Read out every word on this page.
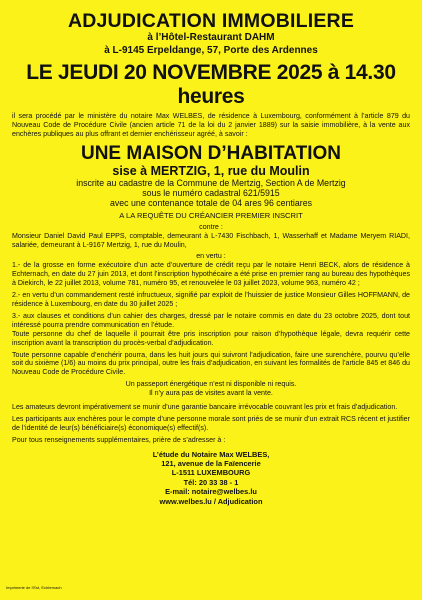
ADJUDICATION IMMOBILIERE
à l’Hôtel-Restaurant DAHM
à L-9145 Erpeldange, 57, Porte des Ardennes
LE JEUDI 20 NOVEMBRE 2025 à 14.30 heures

il sera procédé par le ministère du notaire Max WELBES, de résidence à Luxembourg, conformément à l’article 879 du Nouveau Code de Procédure Civile (ancien article 71 de la loi du 2 janvier 1889) sur la saisie immobilière, à la vente aux enchères publiques au plus offrant et dernier enchérisseur agréé, à savoir :

UNE MAISON D’HABITATION
sise à MERTZIG, 1, rue du Moulin
inscrite au cadastre de la Commune de Mertzig, Section A de Mertzig
sous le numéro cadastral 621/5915
avec une contenance totale de 04 ares 96 centiares
A LA REQUÊTE DU CRÉANCIER PREMIER INSCRIT
contre :

Monsieur Daniel David Paul EPPS, comptable, demeurant à L-7430 Fischbach, 1, Wasserhaff et Madame Meryem RIADI, salariée, demeurant à L-9167 Mertzig, 1, rue du Moulin,

en vertu :

1.- de la grosse en forme exécutoire d’un acte d’ouverture de crédit reçu par le notaire Henri BECK, alors de résidence à Echternach, en date du 27 juin 2013, et dont l’inscription hypothécaire a été prise en premier rang au bureau des hypothèques à Diekirch, le 22 juillet 2013, volume 781, numéro 95, et renouvelée le 03 juillet 2023, volume 963, numéro 42 ;

2.- en vertu d’un commandement resté infructueux, signifié par exploit de l’huissier de justice Monsieur Gilles HOFFMANN, de résidence à Luxembourg, en date du 30 juillet 2025 ;

3.- aux clauses et conditions d’un cahier des charges, dressé par le notaire commis en date du 23 octobre 2025, dont tout intéressé pourra prendre communication en l’étude.

Toute personne du chef de laquelle il pourrait être pris inscription pour raison d’hypothèque légale, devra requérir cette inscription avant la transcription du procès-verbal d’adjudication.

Toute personne capable d’enchérir pourra, dans les huit jours qui suivront l’adjudication, faire une surenchère, pourvu qu’elle soit du sixième (1/6) au moins du prix principal, outre les frais d’adjudication, en suivant les formalités de l’article 845 et 846 du Nouveau Code de Procédure Civile.

Un passeport énergétique n’est ni disponible ni requis.
Il n’y aura pas de visites avant la vente.

Les amateurs devront impérativement se munir d’une garantie bancaire irrévocable couvrant les prix et frais d’adjudication.

Les participants aux enchères pour le compte d’une personne morale sont priés de se munir d’un extrait RCS récent et justifier de l’identité de leur(s) bénéficiaire(s) économique(s) effectif(s).

Pour tous renseignements supplémentaires, prière de s’adresser à :

L’étude du Notaire Max WELBES,
121, avenue de la Faïencerie
L-1511 LUXEMBOURG
Tél: 20 33 38 - 1
E-mail: notaire@welbes.lu
www.welbes.lu / Adjudication
Imprimerie de l’Est, Echternach
